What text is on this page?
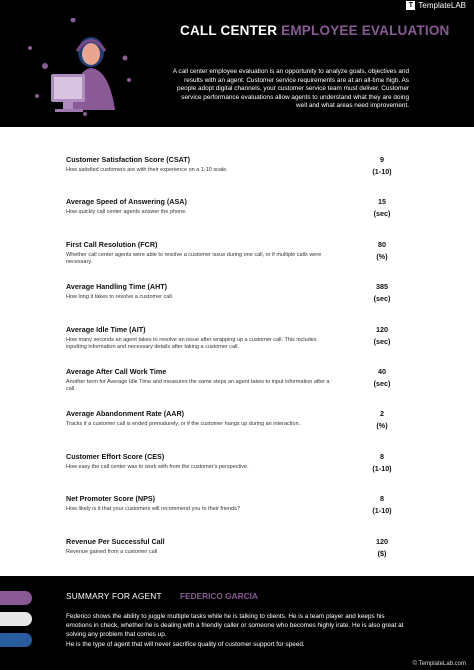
T TemplateLAB
CALL CENTER EMPLOYEE EVALUATION
A call center employee evaluation is an opportunity to analyze goals, objectives and results with an agent. Customer service requirements are at an all-time high. As people adopt digital channels, your customer service team must deliver. Customer service performance evaluations allow agents to understand what they are doing well and what areas need improvement.
Customer Satisfaction Score (CSAT)
How satisfied customers are with their experience on a 1-10 scale.
9
(1-10)
Average Speed of Answering (ASA)
How quickly call center agents answer the phone.
15
(sec)
First Call Resolution (FCR)
Whether call center agents were able to resolve a customer issue during one call, or if multiple calls were necessary.
80
(%)
Average Handling Time (AHT)
How long it takes to resolve a customer call.
385
(sec)
Average Idle Time (AIT)
How many seconds an agent takes to resolve an issue after wrapping up a customer call. This includes inputting information and necessary details after taking a customer call.
120
(sec)
Average After Call Work Time
Another term for Average Idle Time and measures the same steps an agent takes to input information after a call.
40
(sec)
Average Abandonment Rate (AAR)
Tracks if a customer call is ended prematurely, or if the customer hangs up during an interaction.
2
(%)
Customer Effort Score (CES)
How easy the call center was to work with from the customer's perspective.
8
(1-10)
Net Promoter Score (NPS)
How likely is it that your customers will recommend you to their friends?
8
(1-10)
Revenue Per Successful Call
Revenue gained from a customer call
120
($)
SUMMARY FOR AGENT FEDERICO GARCIA
Federico shows the ability to juggle multiple tasks while he is talking to clients. He is a team player and keeps his emotions in check, whether he is dealing with a friendly caller or someone who becomes highly irate. He is also great at solving any problem that comes up.
He is the type of agent that will never sacrifice quality of customer support for speed.
© TemplateLab.com
